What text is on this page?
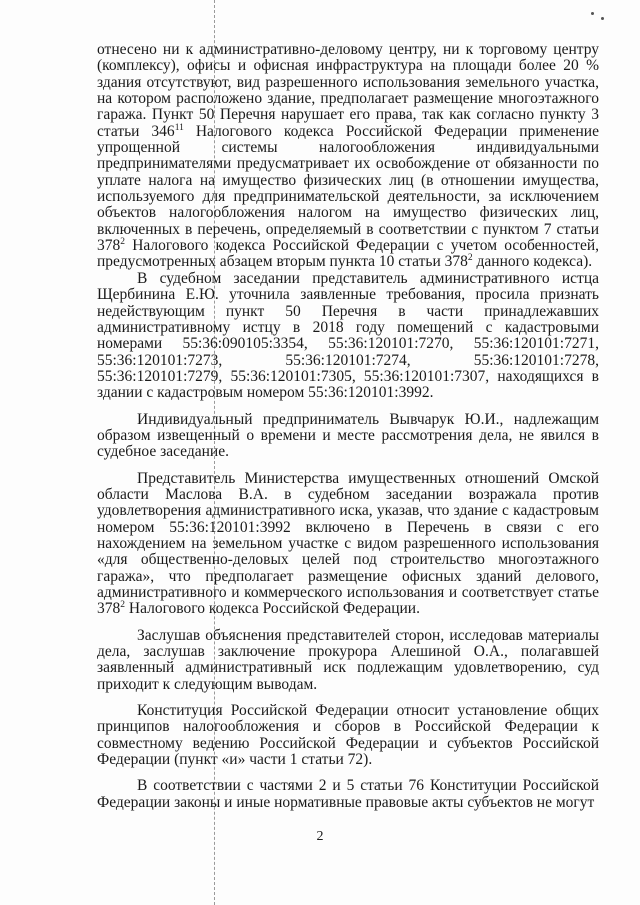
отнесено ни к административно-деловому центру, ни к торговому центру (комплексу), офисы и офисная инфраструктура на площади более 20 % здания отсутствуют, вид разрешенного использования земельного участка, на котором расположено здание, предполагает размещение многоэтажного гаража. Пункт 50 Перечня нарушает его права, так как согласно пункту 3 статьи $346^{11}$ Налогового кодекса Российской Федерации применение упрощенной системы налогообложения индивидуальными предпринимателями предусматривает их освобождение от обязанности по уплате налога на имущество физических лиц (в отношении имущества, используемого для предпринимательской деятельности, за исключением объектов налогообложения налогом на имущество физических лиц, включенных в перечень, определяемый в соответствии с пунктом 7 статьи $378^2$ Налогового кодекса Российской Федерации с учетом особенностей, предусмотренных абзацем вторым пункта 10 статьи $378^2$ данного кодекса).

В судебном заседании представитель административного истца Щербинина Е.Ю. уточнила заявленные требования, просила признать недействующим пункт 50 Перечня в части принадлежавших административному истцу в 2018 году помещений с кадастровыми номерами 55:36:090105:3354, 55:36:120101:7270, 55:36:120101:7271, 55:36:120101:7273, 55:36:120101:7274, 55:36:120101:7278, 55:36:120101:7279, 55:36:120101:7305, 55:36:120101:7307, находящихся в здании с кадастровым номером 55:36:120101:3992.

Индивидуальный предприниматель Вывчарук Ю.И., надлежащим образом извещенный о времени и месте рассмотрения дела, не явился в судебное заседание.

Представитель Министерства имущественных отношений Омской области Маслова В.А. в судебном заседании возражала против удовлетворения административного иска, указав, что здание с кадастровым номером 55:36:120101:3992 включено в Перечень в связи с его нахождением на земельном участке с видом разрешенного использования «для общественно-деловых целей под строительство многоэтажного гаража», что предполагает размещение офисных зданий делового, административного и коммерческого использования и соответствует статье $378^2$ Налогового кодекса Российской Федерации.

Заслушав объяснения представителей сторон, исследовав материалы дела, заслушав заключение прокурора Алешиной О.А., полагавшей заявленный административный иск подлежащим удовлетворению, суд приходит к следующим выводам.

Конституция Российской Федерации относит установление общих принципов налогообложения и сборов в Российской Федерации к совместному ведению Российской Федерации и субъектов Российской Федерации (пункт «и» части 1 статьи 72).

В соответствии с частями 2 и 5 статьи 76 Конституции Российской Федерации законы и иные нормативные правовые акты субъектов не могут

2
